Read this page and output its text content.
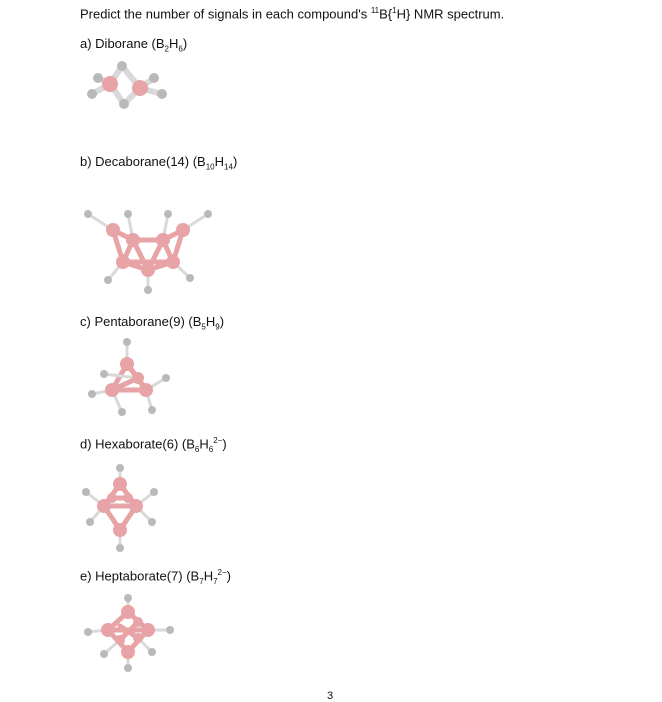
Predict the number of signals in each compound's $^{11}$B{$^1$H} NMR spectrum.
a) Diborane $(B_2H_6)$
b) Decaborane(14) $(B_{10}H_{14})$
c) Pentaborane(9) $(B_5H_9)$
d) Hexaborate(6) $(B_6H_6^{2-})$
e) Heptaborate(7) $(B_7H_7^{2-})$
3
